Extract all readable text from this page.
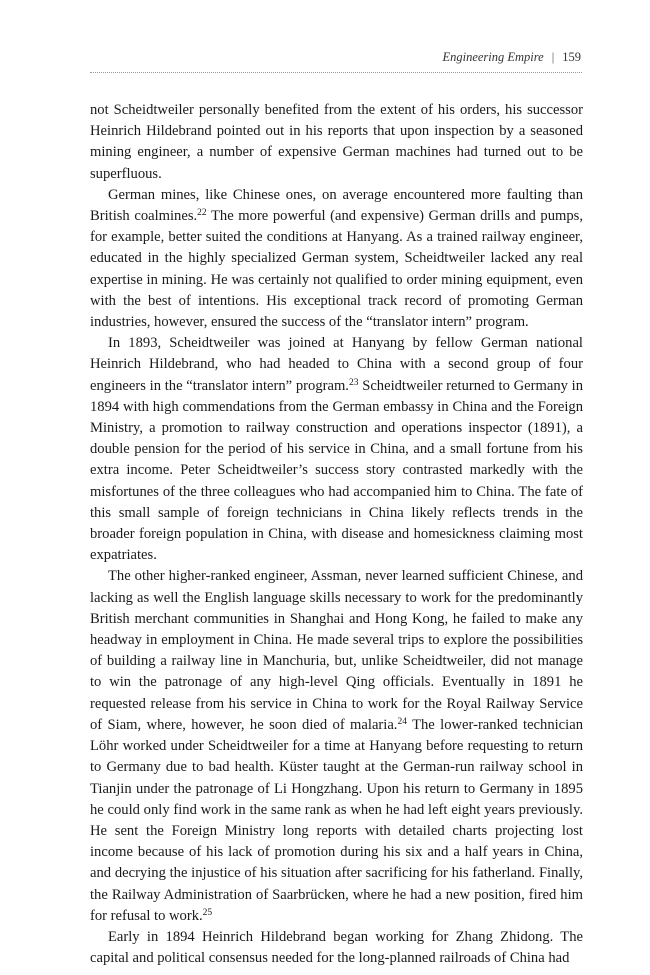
Engineering Empire | 159

not Scheidtweiler personally benefited from the extent of his orders, his successor Heinrich Hildebrand pointed out in his reports that upon inspection by a seasoned mining engineer, a number of expensive German machines had turned out to be superfluous.

German mines, like Chinese ones, on average encountered more faulting than British coalmines.$^{22}$ The more powerful (and expensive) German drills and pumps, for example, better suited the conditions at Hanyang. As a trained railway engineer, educated in the highly specialized German system, Scheidtweiler lacked any real expertise in mining. He was certainly not qualified to order mining equipment, even with the best of intentions. His exceptional track record of promoting German industries, however, ensured the success of the “translator intern” program.

In 1893, Scheidtweiler was joined at Hanyang by fellow German national Heinrich Hildebrand, who had headed to China with a second group of four engineers in the “translator intern” program.$^{23}$ Scheidtweiler returned to Germany in 1894 with high commendations from the German embassy in China and the Foreign Ministry, a promotion to railway construction and operations inspector (1891), a double pension for the period of his service in China, and a small fortune from his extra income. Peter Scheidtweiler’s success story contrasted markedly with the misfortunes of the three colleagues who had accompanied him to China. The fate of this small sample of foreign technicians in China likely reflects trends in the broader foreign population in China, with disease and homesickness claiming most expatriates.

The other higher-ranked engineer, Assman, never learned sufficient Chinese, and lacking as well the English language skills necessary to work for the predominantly British merchant communities in Shanghai and Hong Kong, he failed to make any headway in employment in China. He made several trips to explore the possibilities of building a railway line in Manchuria, but, unlike Scheidtweiler, did not manage to win the patronage of any high-level Qing officials. Eventually in 1891 he requested release from his service in China to work for the Royal Railway Service of Siam, where, however, he soon died of malaria.$^{24}$ The lower-ranked technician Löhr worked under Scheidtweiler for a time at Hanyang before requesting to return to Germany due to bad health. Küster taught at the German-run railway school in Tianjin under the patronage of Li Hongzhang. Upon his return to Germany in 1895 he could only find work in the same rank as when he had left eight years previously. He sent the Foreign Ministry long reports with detailed charts projecting lost income because of his lack of promotion during his six and a half years in China, and decrying the injustice of his situation after sacrificing for his fatherland. Finally, the Railway Administration of Saarbrücken, where he had a new position, fired him for refusal to work.$^{25}$

Early in 1894 Heinrich Hildebrand began working for Zhang Zhidong. The capital and political consensus needed for the long-planned railroads of China had
